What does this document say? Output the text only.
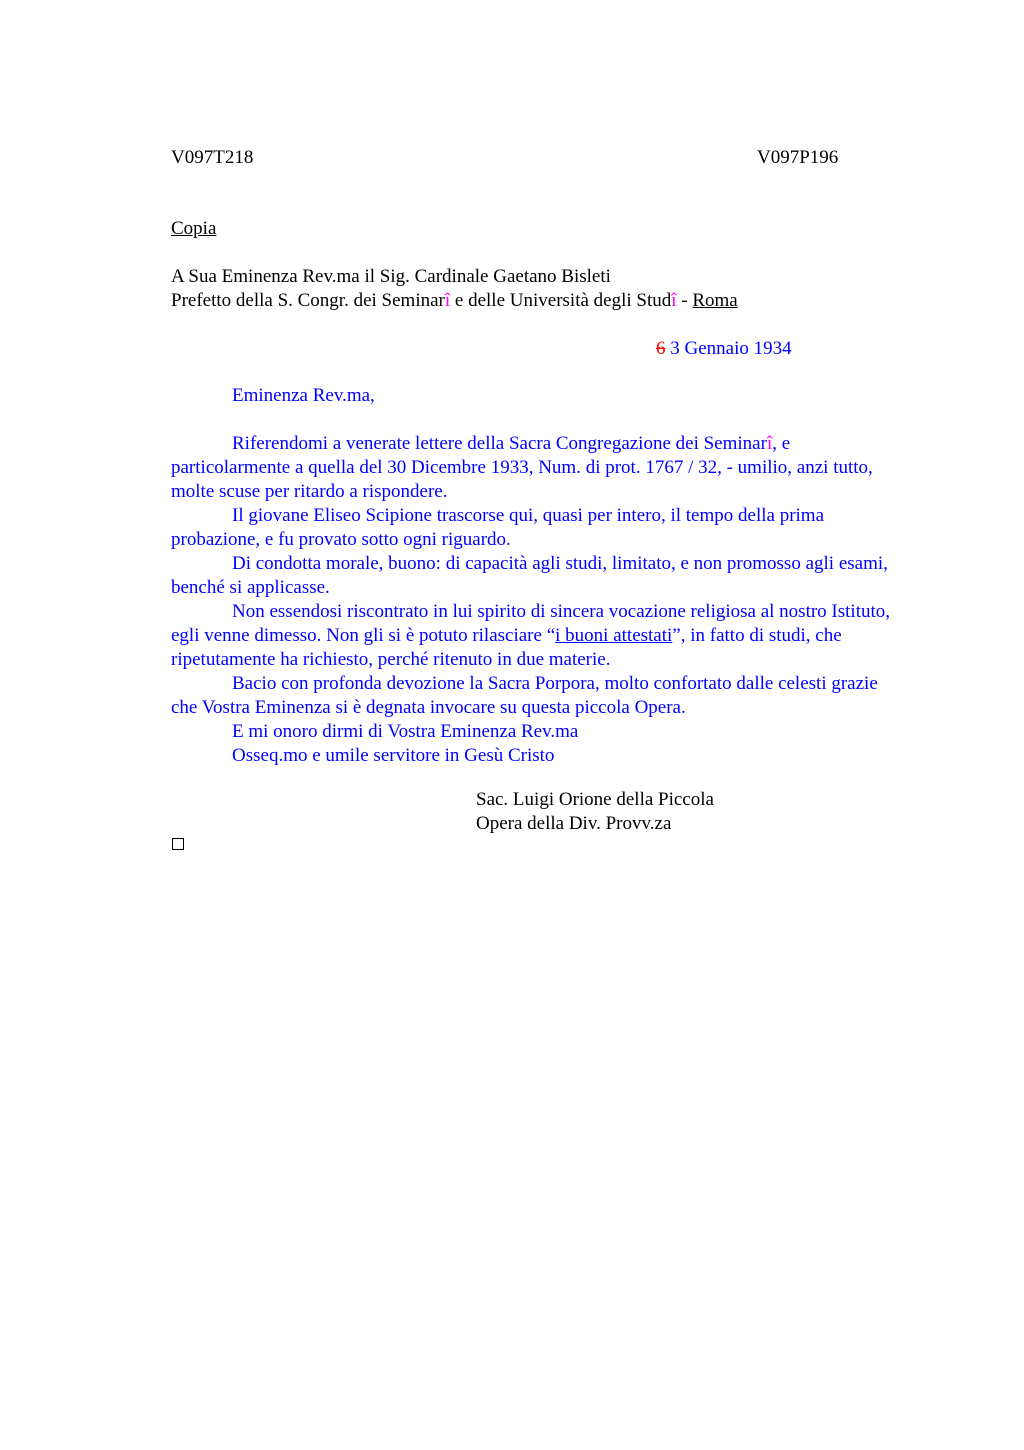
V097T218	V097P196
Copia
A Sua Eminenza Rev.ma il Sig. Cardinale Gaetano Bisleti
Prefetto della S. Congr. dei Seminarî e delle Università degli Studî - Roma
6 3 Gennaio 1934
Eminenza Rev.ma,

Riferendomi a venerate lettere della Sacra Congregazione dei Seminarî, e particolarmente a quella del 30 Dicembre 1933, Num. di prot. 1767 / 32, - umilio, anzi tutto, molte scuse per ritardo a rispondere.

Il giovane Eliseo Scipione trascorse qui, quasi per intero, il tempo della prima probazione, e fu provato sotto ogni riguardo.

Di condotta morale, buono: di capacità agli studi, limitato, e non promosso agli esami, benché si applicasse.

Non essendosi riscontrato in lui spirito di sincera vocazione religiosa al nostro Istituto, egli venne dimesso. Non gli si è potuto rilasciare “i buoni attestati”, in fatto di studi, che ripetutamente ha richiesto, perché ritenuto in due materie.

Bacio con profonda devozione la Sacra Porpora, molto confortato dalle celesti grazie che Vostra Eminenza si è degnata invocare su questa piccola Opera.

E mi onoro dirmi di Vostra Eminenza Rev.ma

Osseq.mo e umile servitore in Gesù Cristo

Sac. Luigi Orione della Piccola
Opera della Div. Provv.za
